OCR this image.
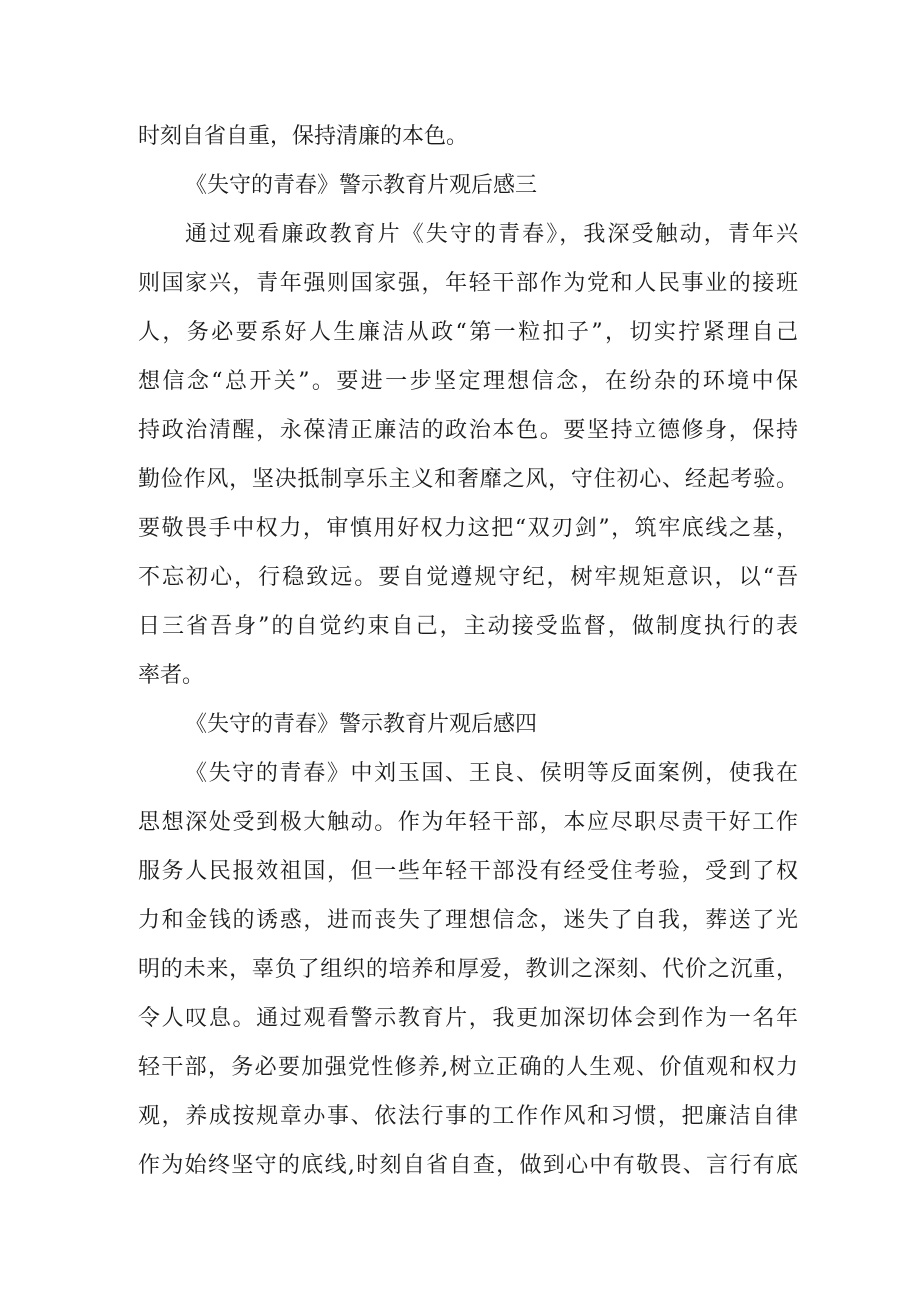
时刻自省自重，保持清廉的本色。
《失守的青春》警示教育片观后感三
通过观看廉政教育片《失守的青春》，我深受触动，青年兴
则国家兴，青年强则国家强，年轻干部作为党和人民事业的接班
人，务必要系好人生廉洁从政“第一粒扣子”，切实拧紧理自己
想信念“总开关”。要进一步坚定理想信念，在纷杂的环境中保
持政治清醒，永葆清正廉洁的政治本色。要坚持立德修身，保持
勤俭作风，坚决抵制享乐主义和奢靡之风，守住初心、经起考验。
要敬畏手中权力，审慎用好权力这把“双刃剑”，筑牢底线之基，
不忘初心，行稳致远。要自觉遵规守纪，树牢规矩意识，以“吾
日三省吾身”的自觉约束自己，主动接受监督，做制度执行的表
率者。
《失守的青春》警示教育片观后感四
《失守的青春》中刘玉国、王良、侯明等反面案例，使我在
思想深处受到极大触动。作为年轻干部，本应尽职尽责干好工作
服务人民报效祖国，但一些年轻干部没有经受住考验，受到了权
力和金钱的诱惑，进而丧失了理想信念，迷失了自我，葬送了光
明的未来，辜负了组织的培养和厚爱，教训之深刻、代价之沉重，
令人叹息。通过观看警示教育片，我更加深切体会到作为一名年
轻干部，务必要加强党性修养,树立正确的人生观、价值观和权力
观，养成按规章办事、依法行事的工作作风和习惯，把廉洁自律
作为始终坚守的底线,时刻自省自查，做到心中有敬畏、言行有底
